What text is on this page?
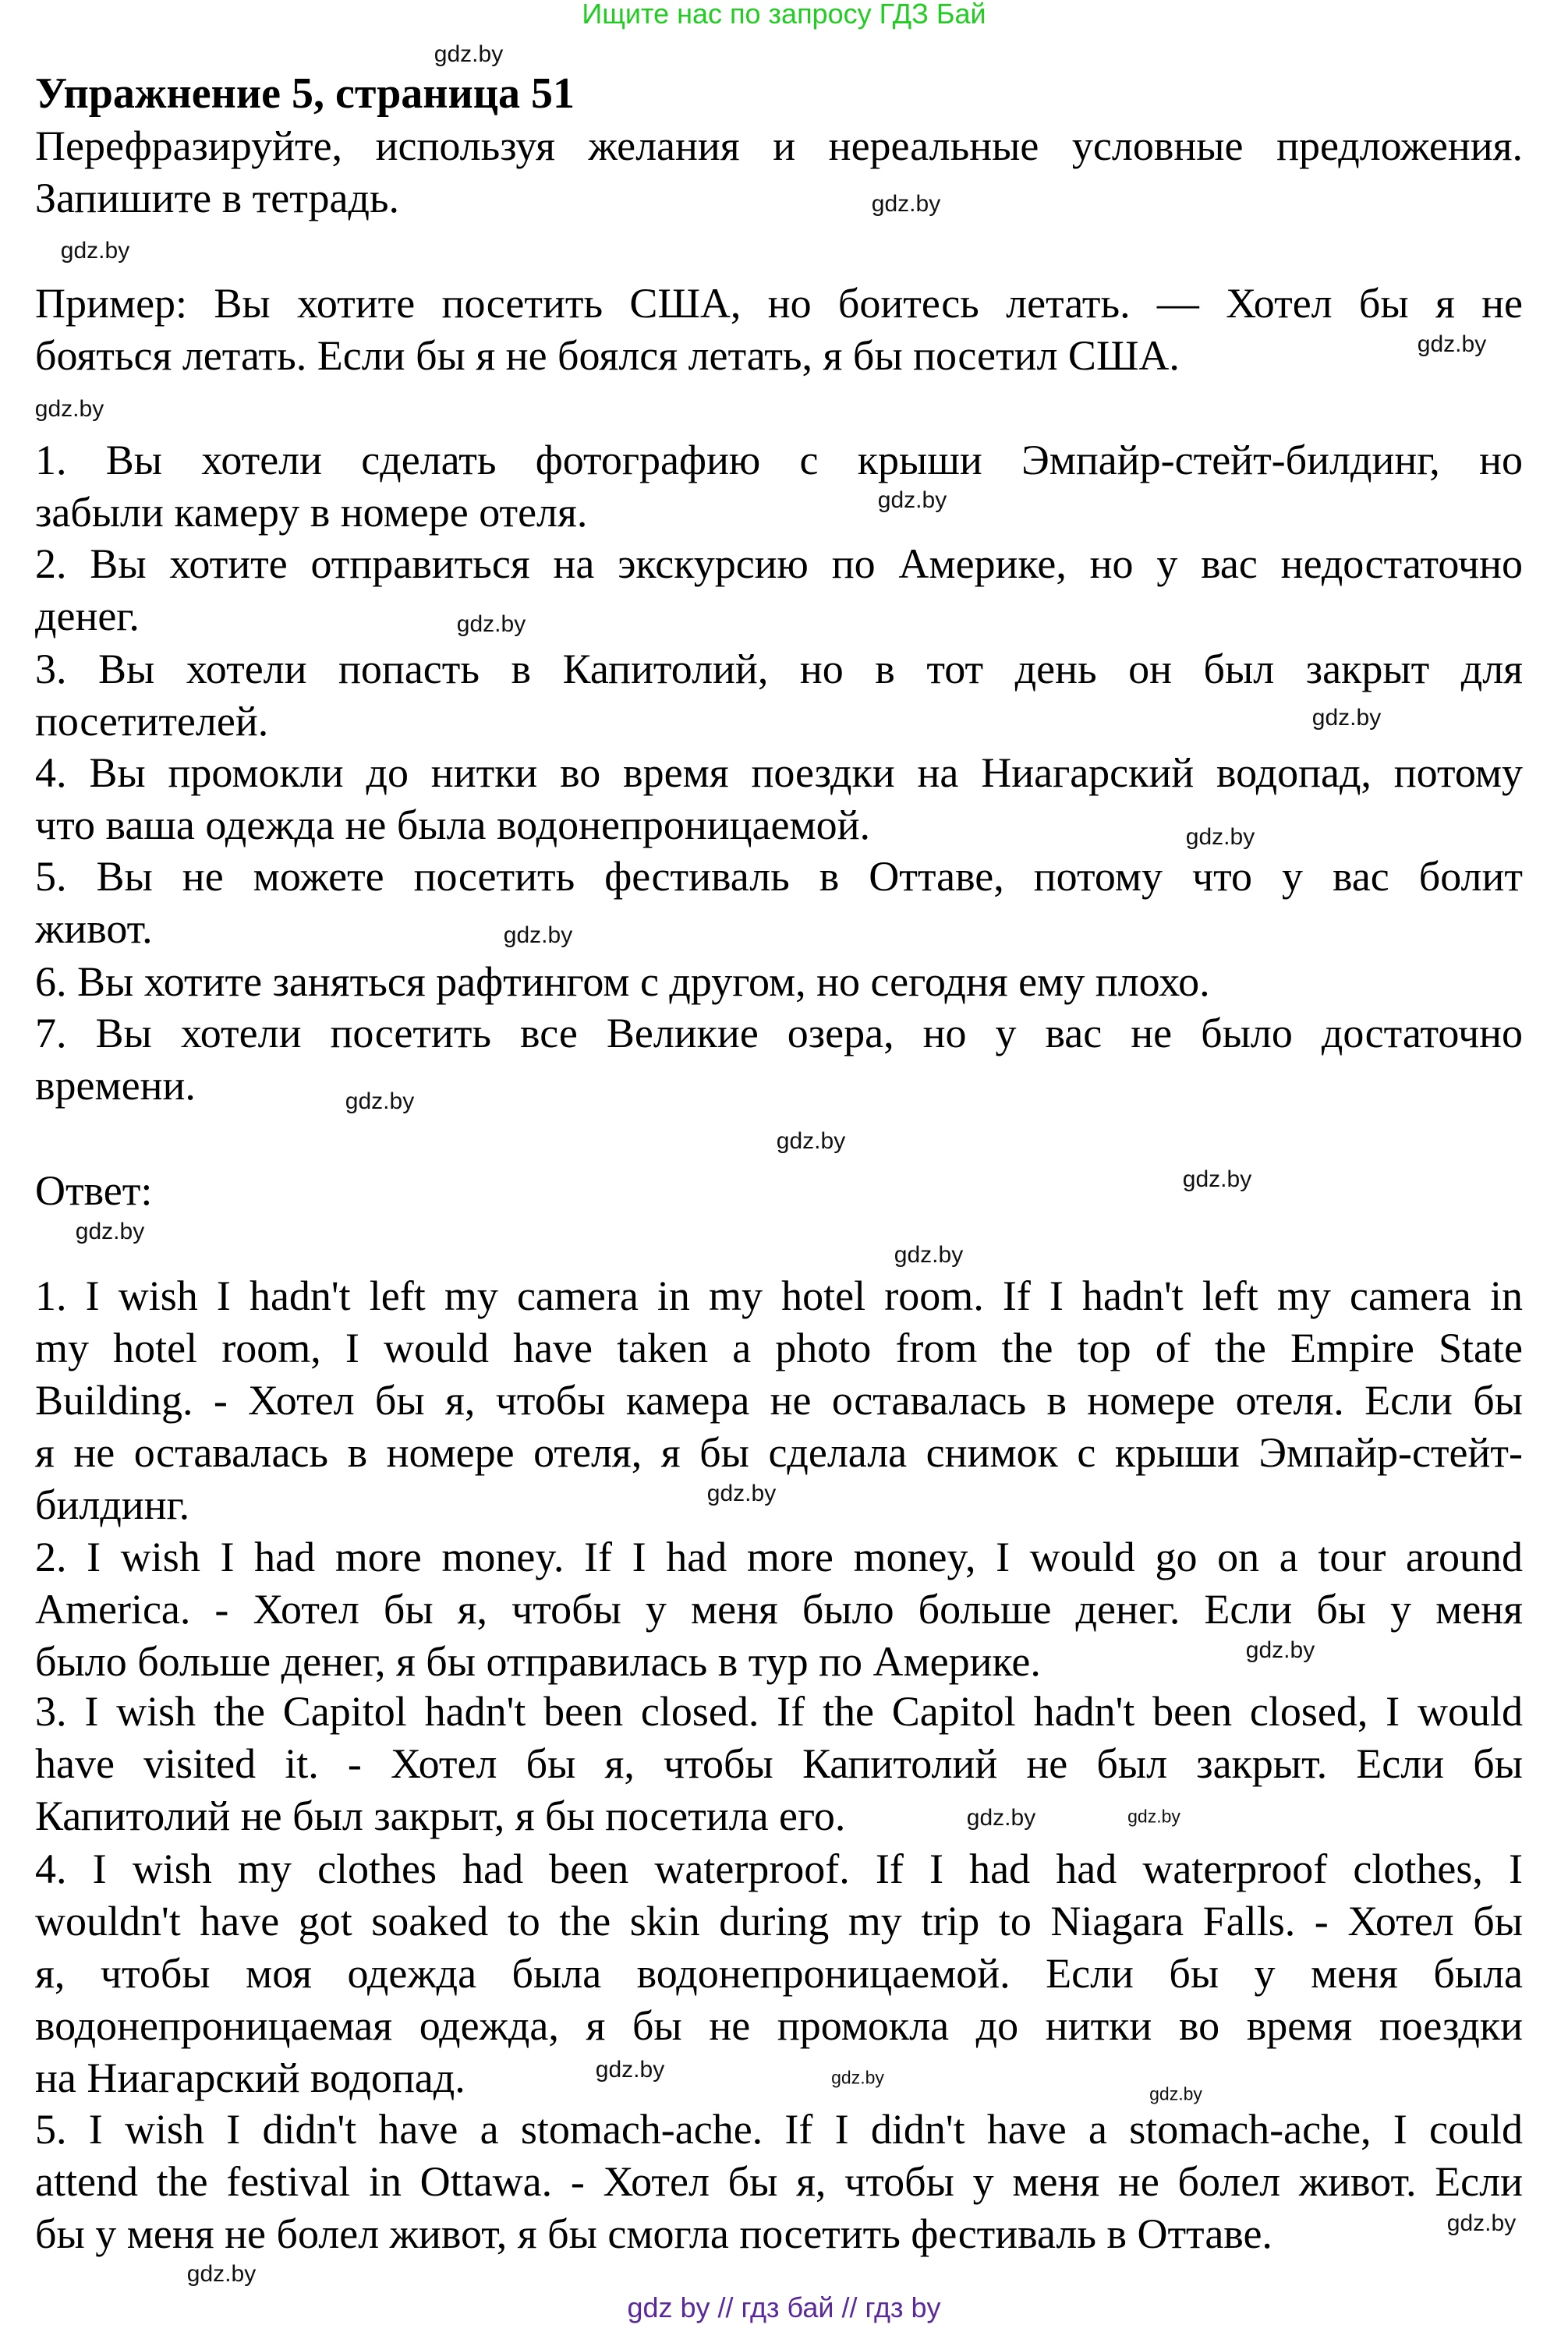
Ищите нас по запросу ГДЗ Бай
Упражнение 5, страница 51
Перефразируйте, используя желания и нереальные условные предложения.
Запишите в тетрадь.
Пример: Вы хотите посетить США, но боитесь летать. — Хотел бы я не
бояться летать. Если бы я не боялся летать, я бы посетил США.
1. Вы хотели сделать фотографию с крыши Эмпайр-стейт-билдинг, но
забыли камеру в номере отеля.
2. Вы хотите отправиться на экскурсию по Америке, но у вас недостаточно
денег.
3. Вы хотели попасть в Капитолий, но в тот день он был закрыт для
посетителей.
4. Вы промокли до нитки во время поездки на Ниагарский водопад, потому
что ваша одежда не была водонепроницаемой.
5. Вы не можете посетить фестиваль в Оттаве, потому что у вас болит
живот.
6. Вы хотите заняться рафтингом с другом, но сегодня ему плохо.
7. Вы хотели посетить все Великие озера, но у вас не было достаточно
времени.
Ответ:
1. I wish I hadn't left my camera in my hotel room. If I hadn't left my camera in
my hotel room, I would have taken a photo from the top of the Empire State
Building. - Хотел бы я, чтобы камера не оставалась в номере отеля. Если бы
я не оставалась в номере отеля, я бы сделала снимок с крыши Эмпайр-стейт-
билдинг.
2. I wish I had more money. If I had more money, I would go on a tour around
America. - Хотел бы я, чтобы у меня было больше денег. Если бы у меня
было больше денег, я бы отправилась в тур по Америке.
3. I wish the Capitol hadn't been closed. If the Capitol hadn't been closed, I would
have visited it. - Хотел бы я, чтобы Капитолий не был закрыт. Если бы
Капитолий не был закрыт, я бы посетила его.
4. I wish my clothes had been waterproof. If I had had waterproof clothes, I
wouldn't have got soaked to the skin during my trip to Niagara Falls. - Хотел бы
я, чтобы моя одежда была водонепроницаемой. Если бы у меня была
водонепроницаемая одежда, я бы не промокла до нитки во время поездки
на Ниагарский водопад.
5. I wish I didn't have a stomach-ache. If I didn't have a stomach-ache, I could
attend the festival in Ottawa. - Хотел бы я, чтобы у меня не болел живот. Если
бы у меня не болел живот, я бы смогла посетить фестиваль в Оттаве.
gdz.by
gdz.by
gdz.by
gdz.by
gdz.by
gdz.by
gdz.by
gdz.by
gdz.by
gdz.by
gdz.by
gdz.by
gdz.by
gdz.by
gdz.by
gdz.by
gdz.by
gdz.by
gdz.by
gdz.by
gdz.by
gdz.by
gdz.by
gdz.by
gdz by // гдз бай // гдз by
